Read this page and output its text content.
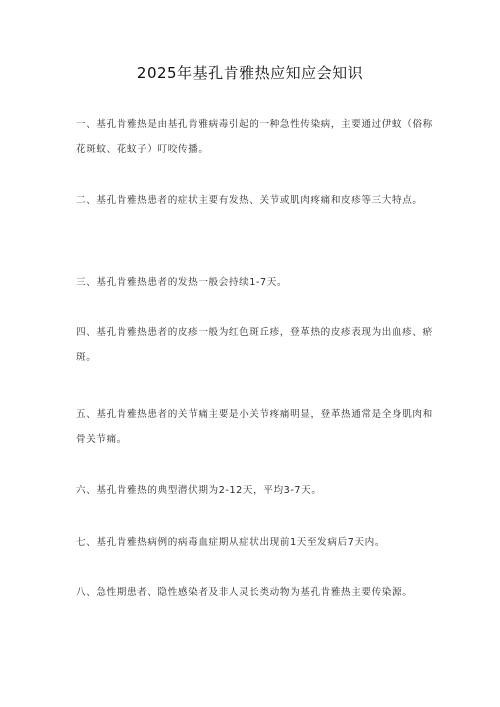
2025年基孔肯雅热应知应会知识
一、基孔肯雅热是由基孔肯雅病毒引起的一种急性传染病，主要通过伊蚊（俗称花斑蚊、花蚊子）叮咬传播。
二、基孔肯雅热患者的症状主要有发热、关节或肌肉疼痛和皮疹等三大特点。
三、基孔肯雅热患者的发热一般会持续1-7天。
四、基孔肯雅热患者的皮疹一般为红色斑丘疹，登革热的皮疹表现为出血疹、瘀斑。
五、基孔肯雅热患者的关节痛主要是小关节疼痛明显，登革热通常是全身肌肉和骨关节痛。
六、基孔肯雅热的典型潜伏期为2-12天，平均3-7天。
七、基孔肯雅热病例的病毒血症期从症状出现前1天至发病后7天内。
八、急性期患者、隐性感染者及非人灵长类动物为基孔肯雅热主要传染源。
